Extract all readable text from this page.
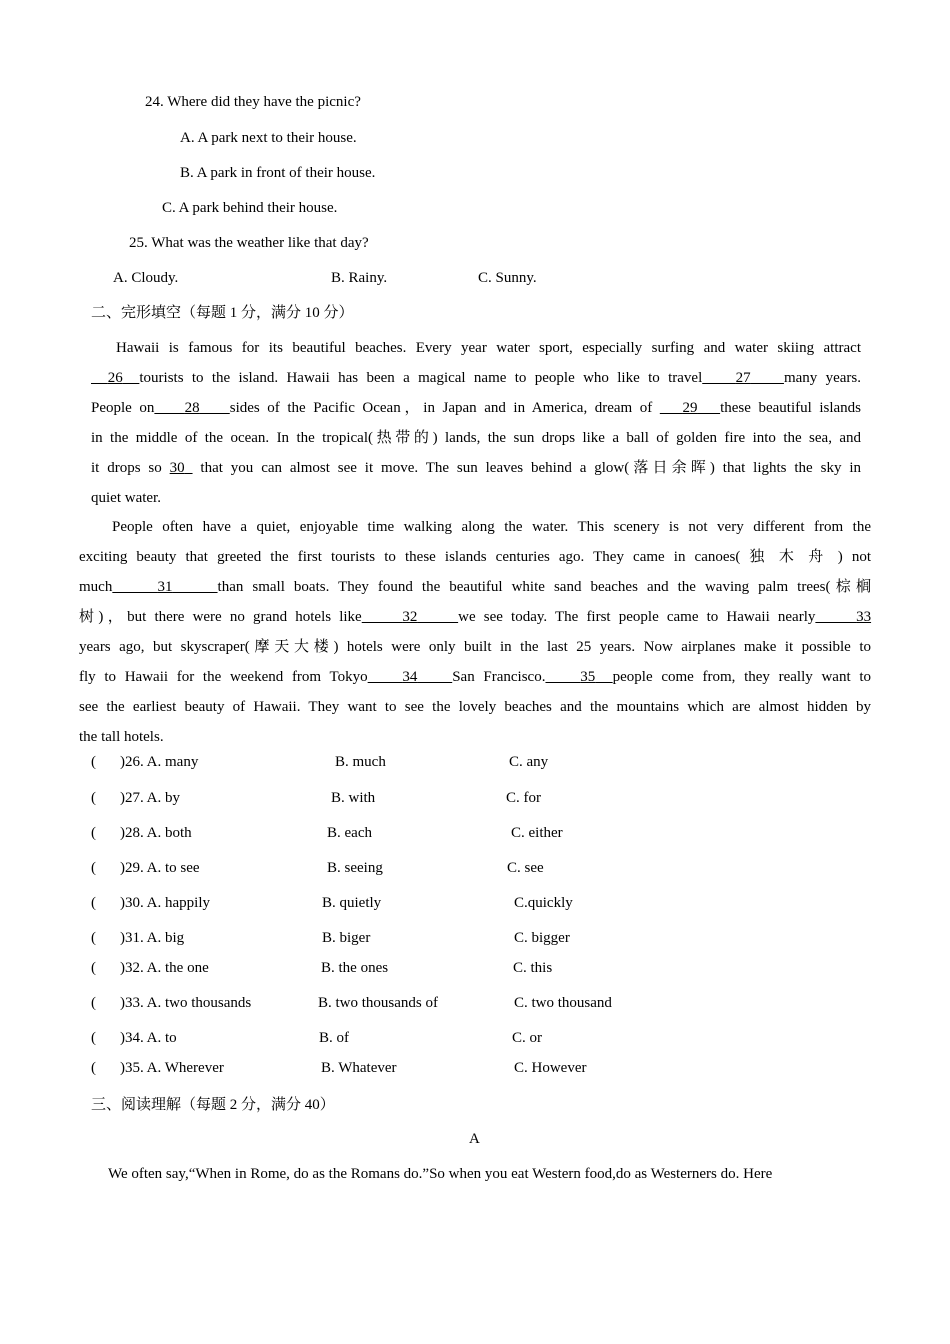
24. Where did they have the picnic?
A. A park next to their house.
B. A park in front of their house.
C. A park behind their house.
25. What was the weather like that day?
A. Cloudy.	B. Rainy.	C. Sunny.
二、完形填空（每题 1 分，满分 10 分）
Hawaii is famous for its beautiful beaches. Every year water sport, especially surfing and water skiing attract
26 tourists to the island. Hawaii has been a magical name to people who like to travel 27 many years.
People on 28 sides of the Pacific Ocean，in Japan and in America, dream of    29 these beautiful islands
in the middle of the ocean. In the tropical(热带的) lands, the sun drops like a ball of golden fire into the sea, and
it drops so 30  that you can almost see it move. The sun leaves behind a glow(落日余晖) that lights the sky in
quiet water.
People often have a quiet, enjoyable time walking along the water. This scenery is not very different from the
exciting beauty that greeted the first tourists to these islands centuries ago. They came in canoes( 独 木 舟 ) not
much	31	than small boats. They found the beautiful white sand beaches and the waving palm trees(棕榈
树)，but there were no grand hotels like	32	we see today. The first people came to Hawaii nearly	33
years ago, but skyscraper(摩天大楼) hotels were only built in the last 25 years. Now airplanes make it possible to
fly to Hawaii for the weekend from Tokyo 34 San Francisco. 35 people come from, they really want to
see the earliest beauty of Hawaii. They want to see the lovely beaches and the mountains which are almost hidden by
the tall hotels.
( )26. A. many	B. much	C. any
( )27. A. by	B. with	C. for
( )28. A. both	B. each	C. either
( )29. A. to see	B. seeing	C. see
( )30. A. happily	B. quietly	C.quickly
( )31. A. big	B. biger	C. bigger
( )32. A. the one	B. the ones	C. this
( )33. A. two thousands	B. two thousands of	C. two thousand
( )34. A. to	B. of	C. or
( )35. A. Wherever	B. Whatever	C. However
三、阅读理解（每题 2 分，满分 40）
A
We often say,“When in Rome, do as the Romans do.”So when you eat Western food,do as Westerners do. Here
